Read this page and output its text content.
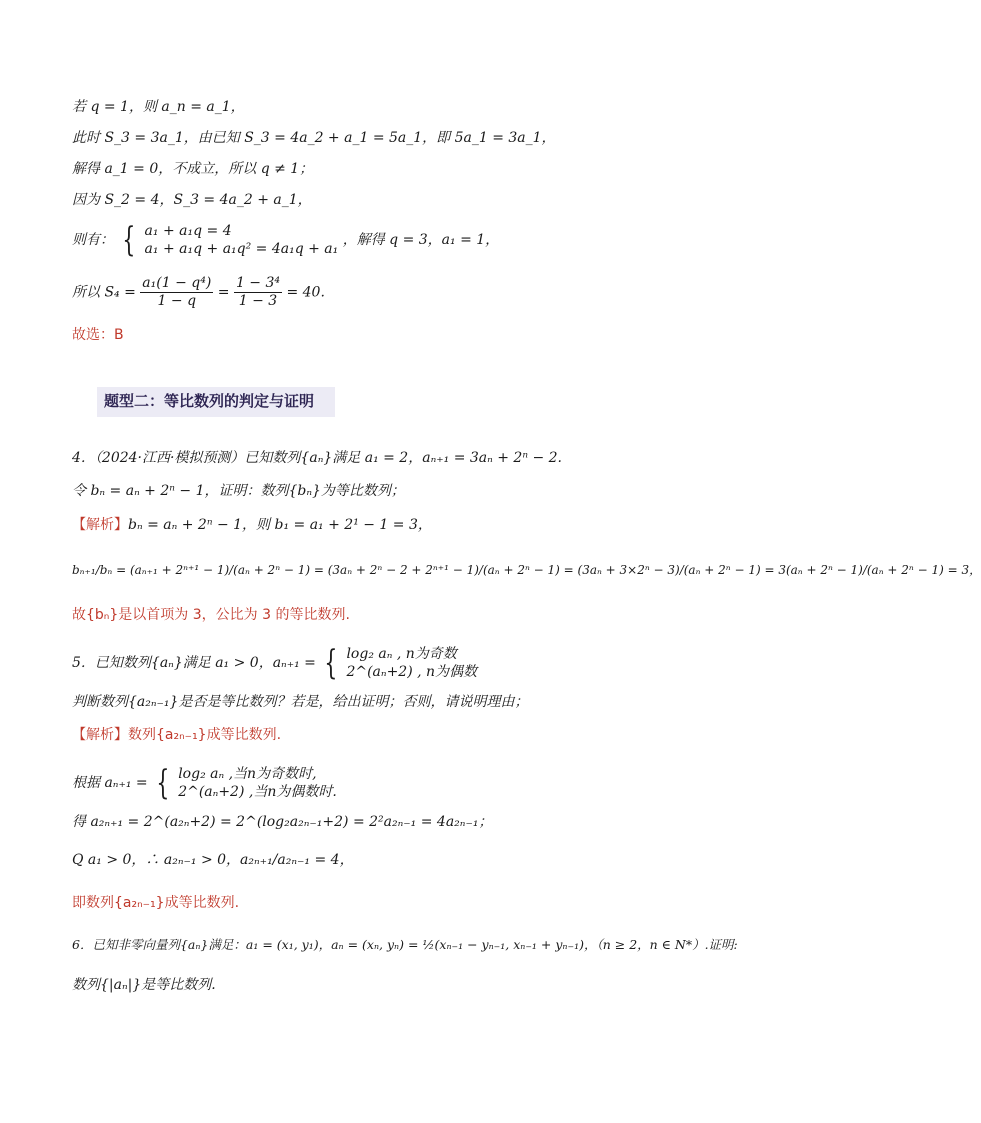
若 q = 1，则 a_n = a_1，
此时 S_3 = 3a_1，由已知 S_3 = 4a_2 + a_1 = 5a_1，即 5a_1 = 3a_1，
解得 a_1 = 0，不成立，所以 q ≠ 1；
因为 S_2 = 4，S_3 = 4a_2 + a_1，
则有： { a₁ + a₁q = 4
a₁ + a₁q + a₁q² = 4a₁q + a₁
，解得 q = 3，a₁ = 1，
所以 $S_4 = \frac{\text{a₁(1 − q⁴)}}{1 - q} = \frac{\text{1 − 3⁴}}{1 - 3} = 40$.
故选：B
题型二：等比数列的判定与证明
4．（2024·江西·模拟预测）已知数列{aₙ}满足 a₁ = 2，aₙ₊₁ = 3aₙ + 2ⁿ − 2.
令 bₙ = aₙ + 2ⁿ − 1，证明：数列{bₙ}为等比数列；
【解析】bₙ = aₙ + 2ⁿ − 1，则 b₁ = a₁ + 2¹ − 1 = 3，
bₙ₊₁/bₙ = (aₙ₊₁ + 2ⁿ⁺¹ − 1)/(aₙ + 2ⁿ − 1) = (3aₙ + 2ⁿ − 2 + 2ⁿ⁺¹ − 1)/(aₙ + 2ⁿ − 1) = (3aₙ + 3×2ⁿ − 3)/(aₙ + 2ⁿ − 1) = 3(aₙ + 2ⁿ − 1)/(aₙ + 2ⁿ − 1) = 3，
故{bₙ}是以首项为 3，公比为 3 的等比数列.
5．已知数列{aₙ}满足 a₁ > 0，aₙ₊₁ = { log₂ aₙ , n为奇数
2^(aₙ+2) , n为偶数
判断数列{a₂ₙ₋₁}是否是等比数列？若是，给出证明；否则，请说明理由；
【解析】数列{a₂ₙ₋₁}成等比数列.
根据 aₙ₊₁ = { log₂ aₙ ,当n为奇数时,
2^(aₙ+2) ,当n为偶数时.
得 a₂ₙ₊₁ = 2^(a₂ₙ+2) = 2^(log₂a₂ₙ₋₁+2) = 2²a₂ₙ₋₁ = 4a₂ₙ₋₁；
Q a₁ > 0，∴ a₂ₙ₋₁ > 0，a₂ₙ₊₁/a₂ₙ₋₁ = 4，
即数列{a₂ₙ₋₁}成等比数列.
6．已知非零向量列{aₙ}满足：a₁ = (x₁, y₁)，aₙ = (xₙ, yₙ) = ½(xₙ₋₁ − yₙ₋₁, xₙ₋₁ + yₙ₋₁)，（n ≥ 2，n ∈ N*）.证明:
数列{|aₙ|}是等比数列.
